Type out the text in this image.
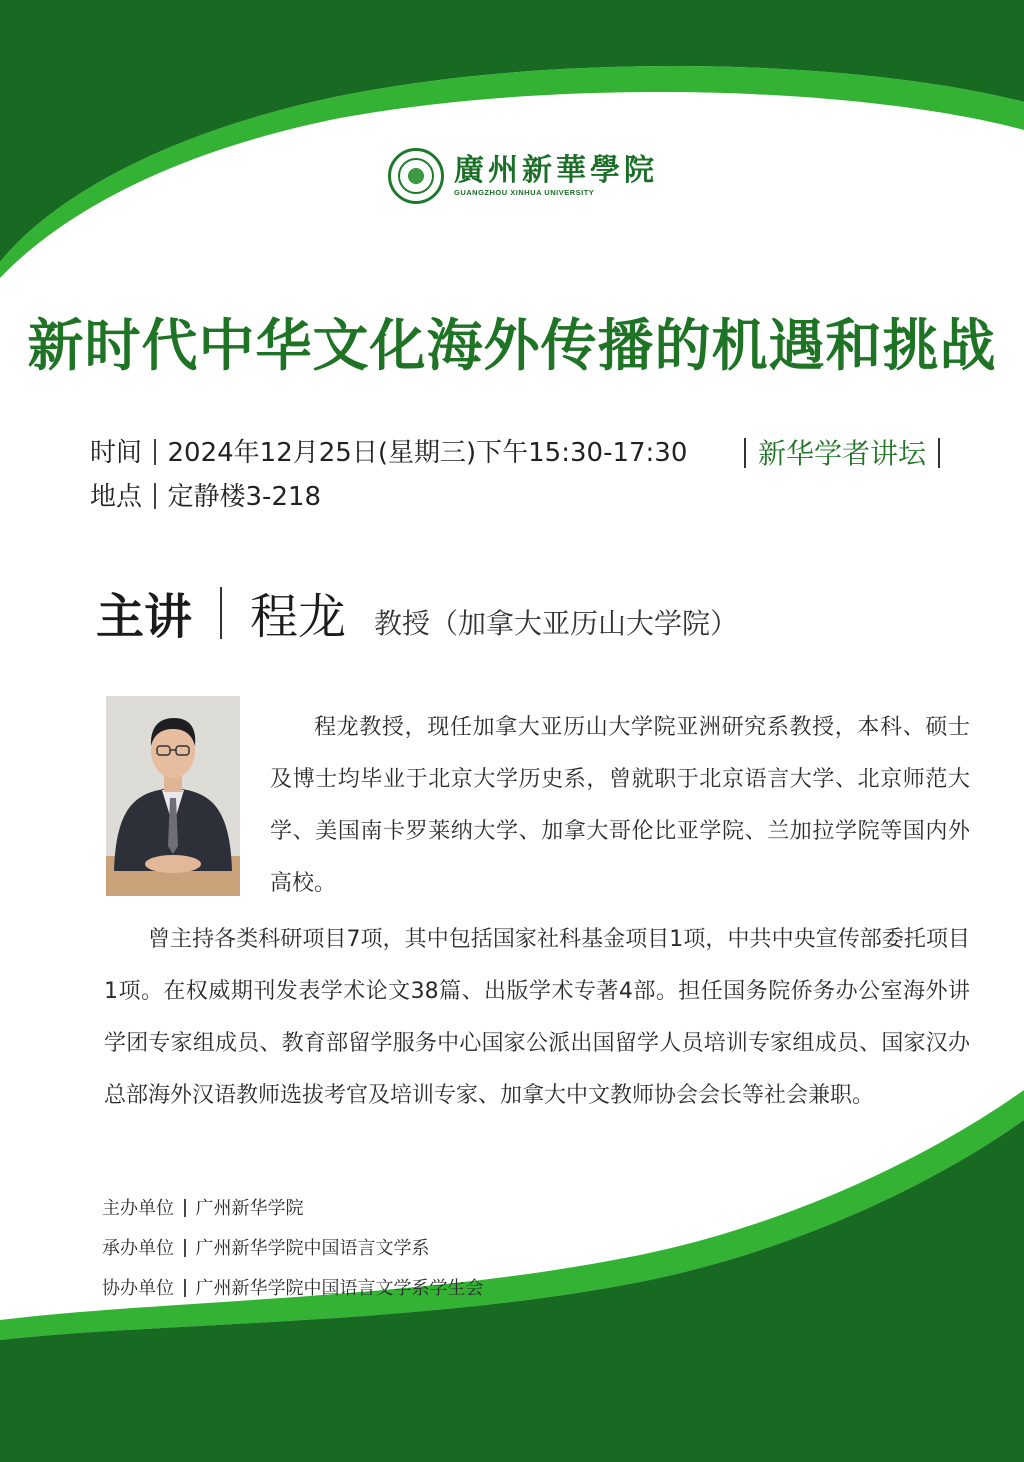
廣州新華學院
GUANGZHOU XINHUA UNIVERSITY
新时代中华文化海外传播的机遇和挑战
时间 2024年12月25日(星期三)下午15:30-17:30
地点 定静楼3-218
新华学者讲坛
主讲 程龙 教授（加拿大亚历山大学院）

程龙教授，现任加拿大亚历山大学院亚洲研究系教授，本科、硕士及博士均毕业于北京大学历史系，曾就职于北京语言大学、北京师范大学、美国南卡罗莱纳大学、加拿大哥伦比亚学院、兰加拉学院等国内外高校。

曾主持各类科研项目7项，其中包括国家社科基金项目1项，中共中央宣传部委托项目1项。在权威期刊发表学术论文38篇、出版学术专著4部。担任国务院侨务办公室海外讲学团专家组成员、教育部留学服务中心国家公派出国留学人员培训专家组成员、国家汉办总部海外汉语教师选拔考官及培训专家、加拿大中文教师协会会长等社会兼职。

主办单位 广州新华学院
承办单位 广州新华学院中国语言文学系
协办单位 广州新华学院中国语言文学系学生会
